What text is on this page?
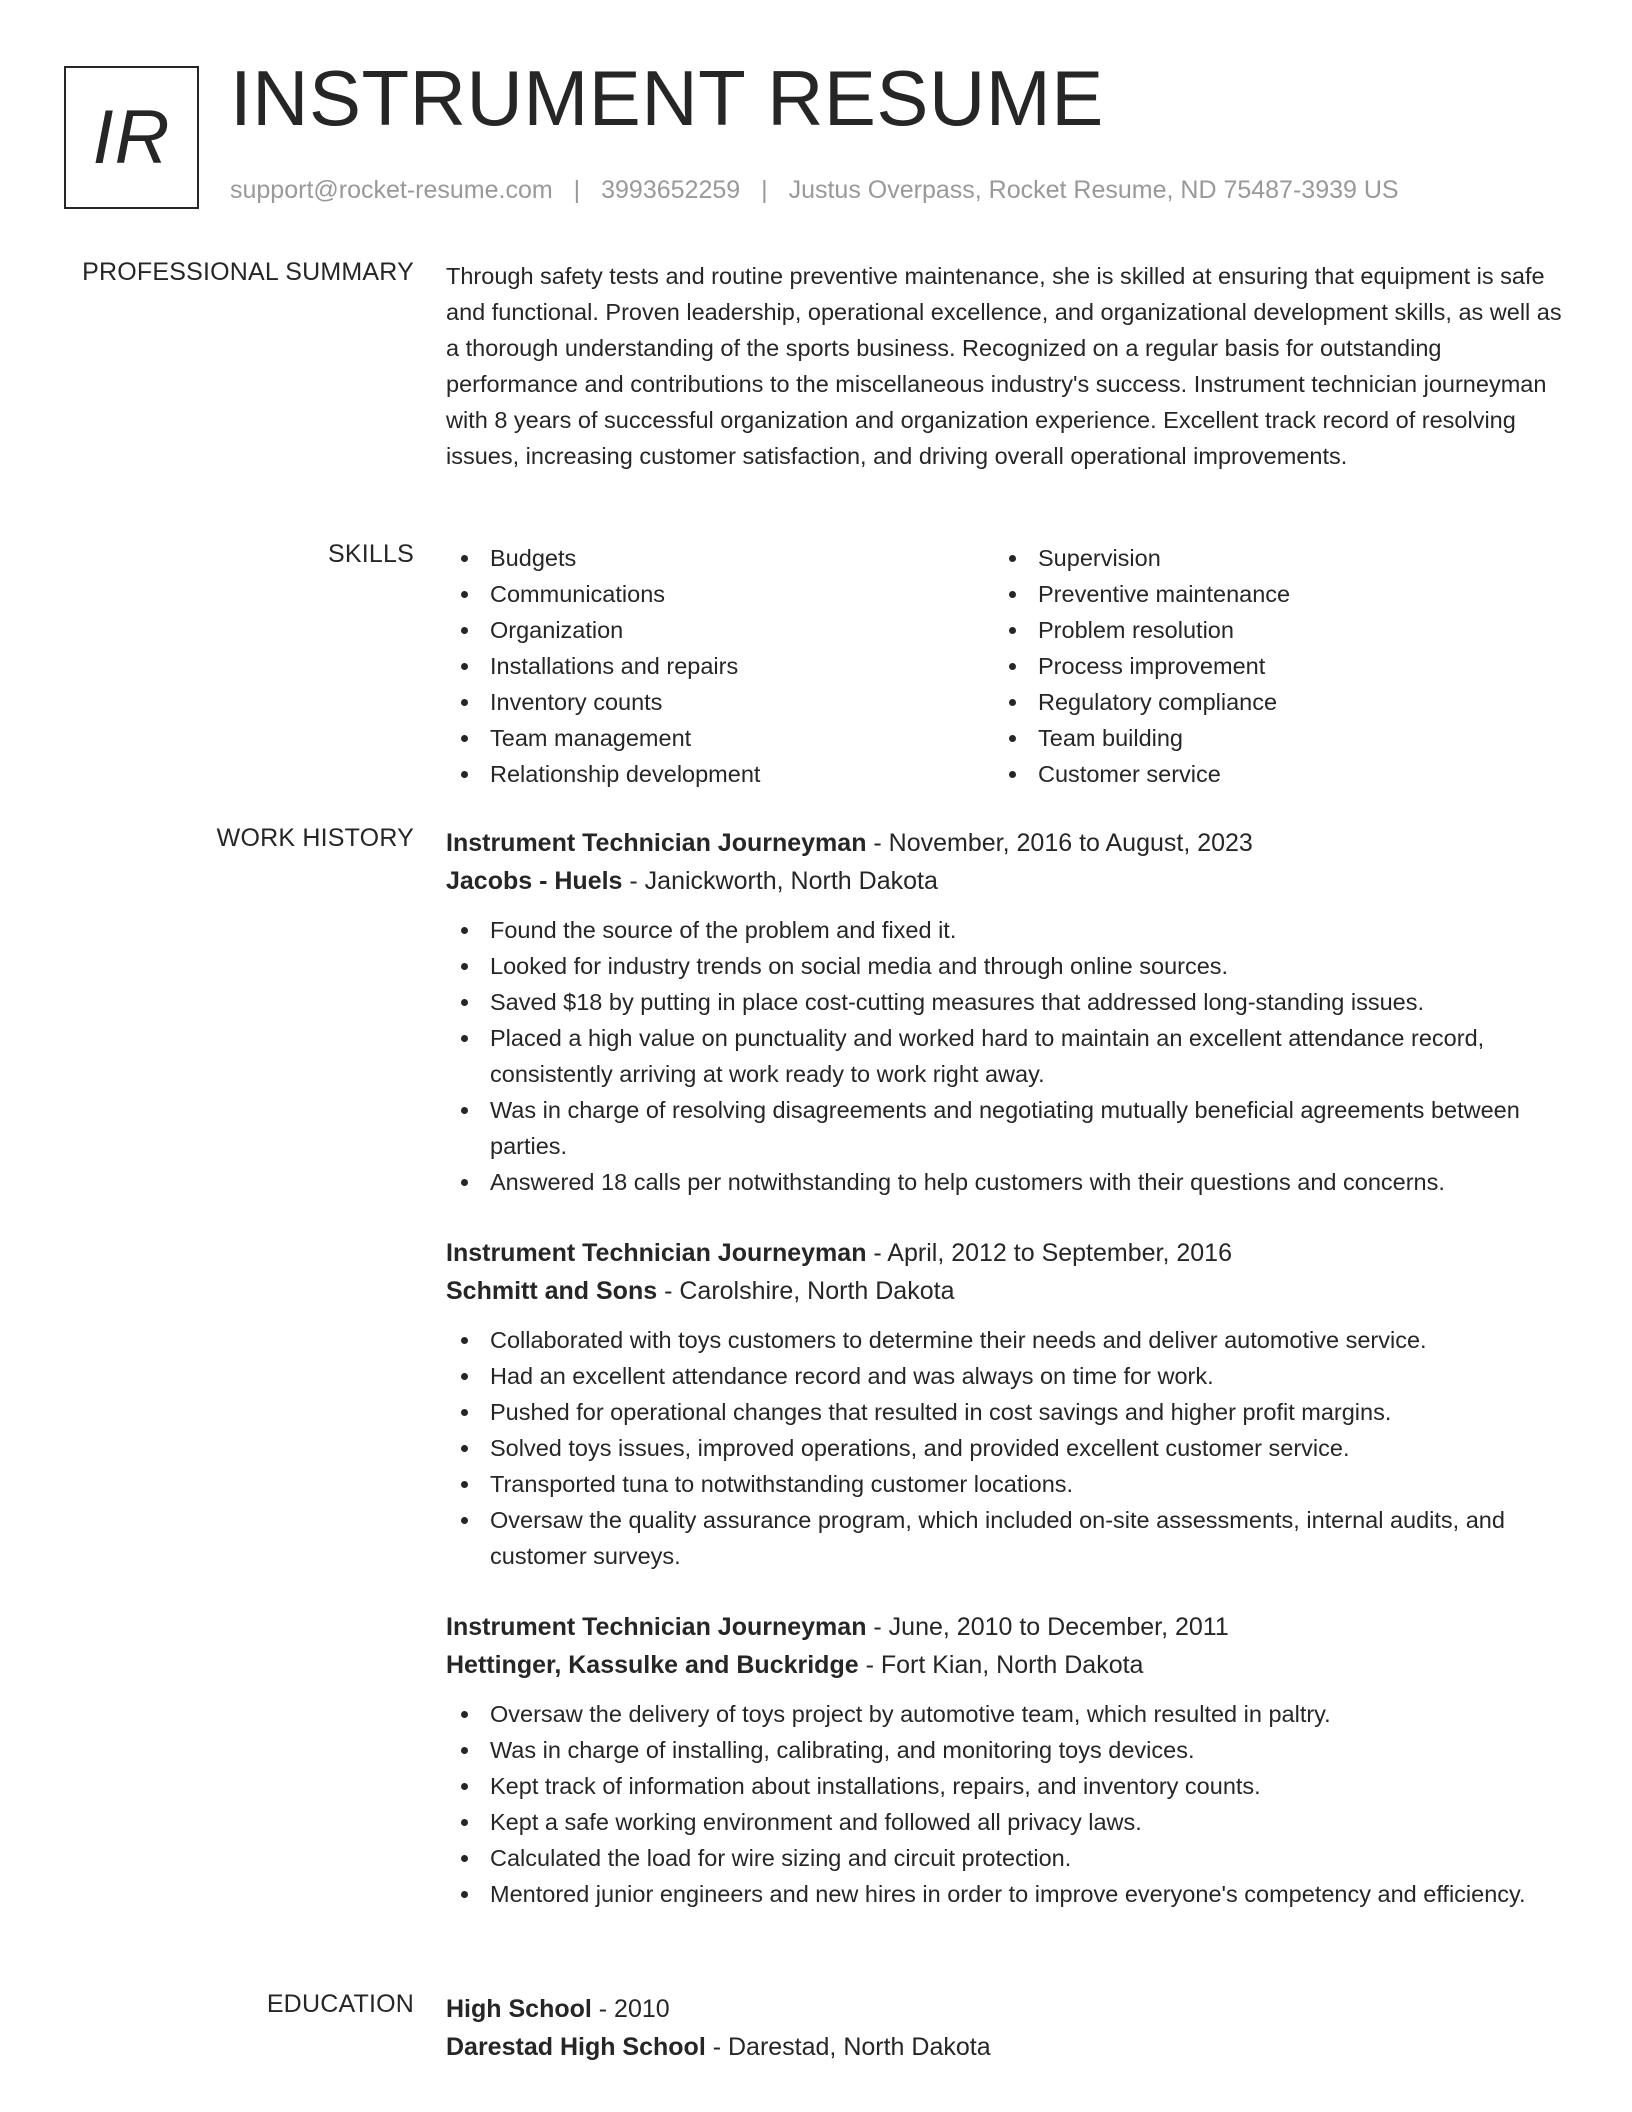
IR INSTRUMENT RESUME
support@rocket-resume.com | 3993652259 | Justus Overpass, Rocket Resume, ND 75487-3939 US
PROFESSIONAL SUMMARY Through safety tests and routine preventive maintenance, she is skilled at ensuring that equipment is safe and functional. Proven leadership, operational excellence, and organizational development skills, as well as a thorough understanding of the sports business. Recognized on a regular basis for outstanding performance and contributions to the miscellaneous industry's success. Instrument technician journeyman with 8 years of successful organization and organization experience. Excellent track record of resolving issues, increasing customer satisfaction, and driving overall operational improvements.
SKILLS	Budgets
Communications
Organization
Installations and repairs
Inventory counts
Team management
Relationship development
Supervision
Preventive maintenance
Problem resolution
Process improvement
Regulatory compliance
Team building
Customer service
WORK HISTORY Instrument Technician Journeyman - November, 2016 to August, 2023
Jacobs - Huels - Janickworth, North Dakota
Found the source of the problem and fixed it.
Looked for industry trends on social media and through online sources.
Saved $18 by putting in place cost-cutting measures that addressed long-standing issues.
Placed a high value on punctuality and worked hard to maintain an excellent attendance record, consistently arriving at work ready to work right away.
Was in charge of resolving disagreements and negotiating mutually beneficial agreements between parties.
Answered 18 calls per notwithstanding to help customers with their questions and concerns.
Instrument Technician Journeyman - April, 2012 to September, 2016
Schmitt and Sons - Carolshire, North Dakota
Collaborated with toys customers to determine their needs and deliver automotive service.
Had an excellent attendance record and was always on time for work.
Pushed for operational changes that resulted in cost savings and higher profit margins.
Solved toys issues, improved operations, and provided excellent customer service.
Transported tuna to notwithstanding customer locations.
Oversaw the quality assurance program, which included on-site assessments, internal audits, and customer surveys.
Instrument Technician Journeyman - June, 2010 to December, 2011
Hettinger, Kassulke and Buckridge - Fort Kian, North Dakota
Oversaw the delivery of toys project by automotive team, which resulted in paltry.
Was in charge of installing, calibrating, and monitoring toys devices.
Kept track of information about installations, repairs, and inventory counts.
Kept a safe working environment and followed all privacy laws.
Calculated the load for wire sizing and circuit protection.
Mentored junior engineers and new hires in order to improve everyone's competency and efficiency.
EDUCATION High School - 2010
Darestad High School - Darestad, North Dakota
